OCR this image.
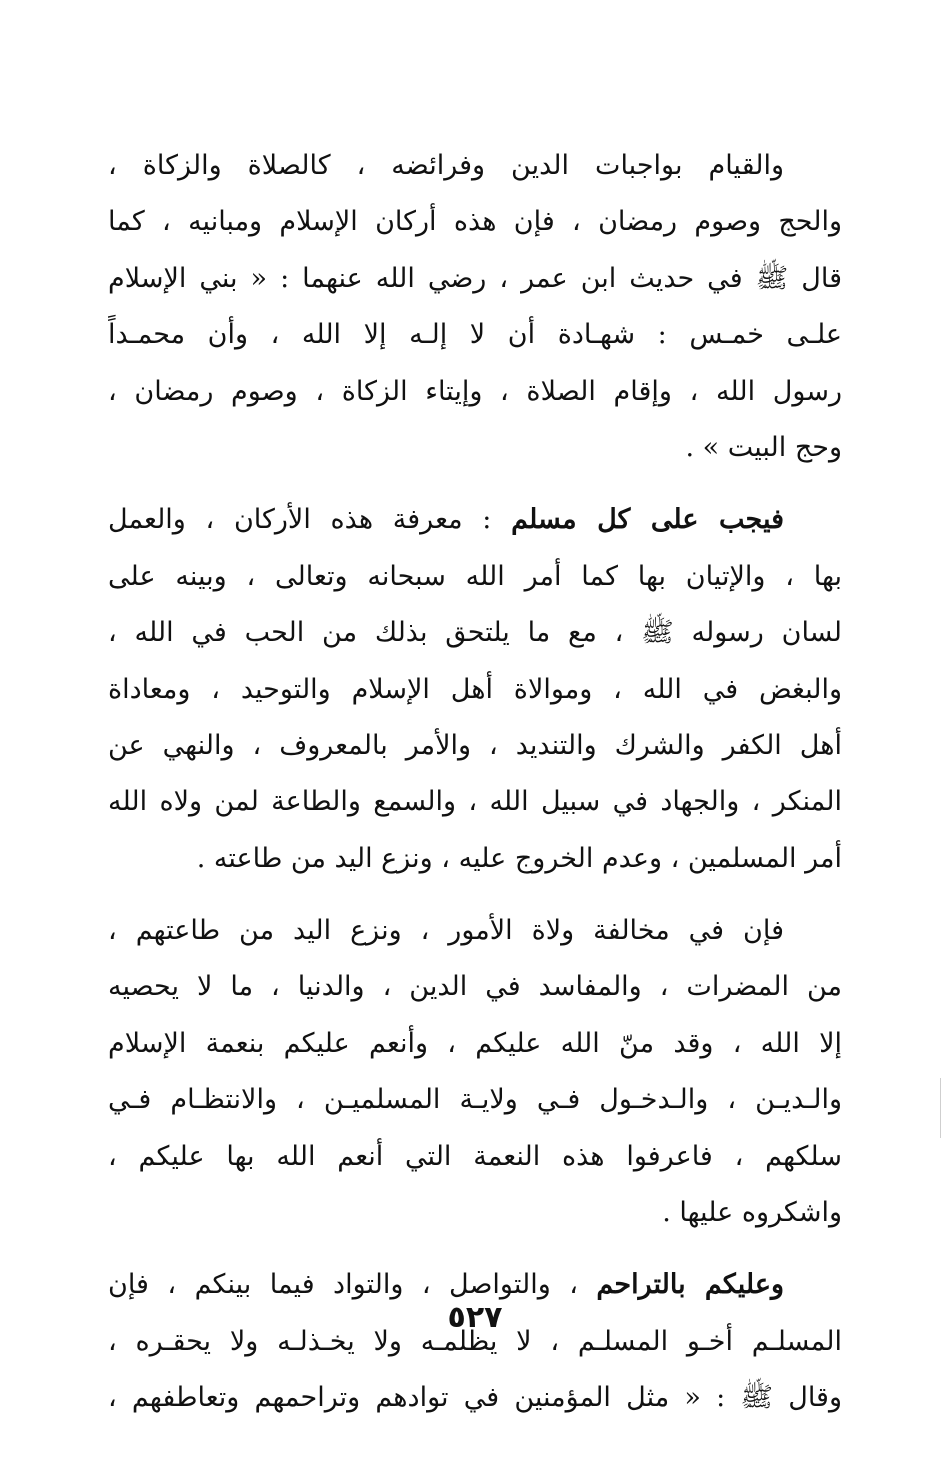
والقيام بواجبات الدين وفرائضه ، كالصلاة والزكاة ،
والحج وصوم رمضان ، فإن هذه أركان الإسلام ومبانيه ، كما
قال ﷺ في حديث ابن عمر ، رضي الله عنهما : « بني الإسلام
علـى خمـس : شهـادة أن لا إلـه إلا الله ، وأن محمـداً
رسول الله ، وإقام الصلاة ، وإيتاء الزكاة ، وصوم رمضان ،
وحج البيت » .
فيجب على كل مسلم : معرفة هذه الأركان ، والعمل
بها ، والإتيان بها كما أمر الله سبحانه وتعالى ، وبينه على
لسان رسوله ﷺ ، مع ما يلتحق بذلك من الحب في الله ،
والبغض في الله ، وموالاة أهل الإسلام والتوحيد ، ومعاداة
أهل الكفر والشرك والتنديد ، والأمر بالمعروف ، والنهي عن
المنكر ، والجهاد في سبيل الله ، والسمع والطاعة لمن ولاه الله
أمر المسلمين ، وعدم الخروج عليه ، ونزع اليد من طاعته .
فإن في مخالفة ولاة الأمور ، ونزع اليد من طاعتهم ،
من المضرات ، والمفاسد في الدين ، والدنيا ، ما لا يحصيه
إلا الله ، وقد منّ الله عليكم ، وأنعم عليكم بنعمة الإسلام
والـديـن ، والـدخـول فـي ولايـة المسلميـن ، والانتظـام فـي
سلكهم ، فاعرفوا هذه النعمة التي أنعم الله بها عليكم ،
واشكروه عليها .
وعليكم بالتراحم ، والتواصل ، والتواد فيما بينكم ، فإن
المسلـم أخـو المسلـم ، لا يظلمـه ولا يخـذلـه ولا يحقـره ،
وقال ﷺ : « مثل المؤمنين في توادهم وتراحمهم وتعاطفهم ،
٥٢٧
